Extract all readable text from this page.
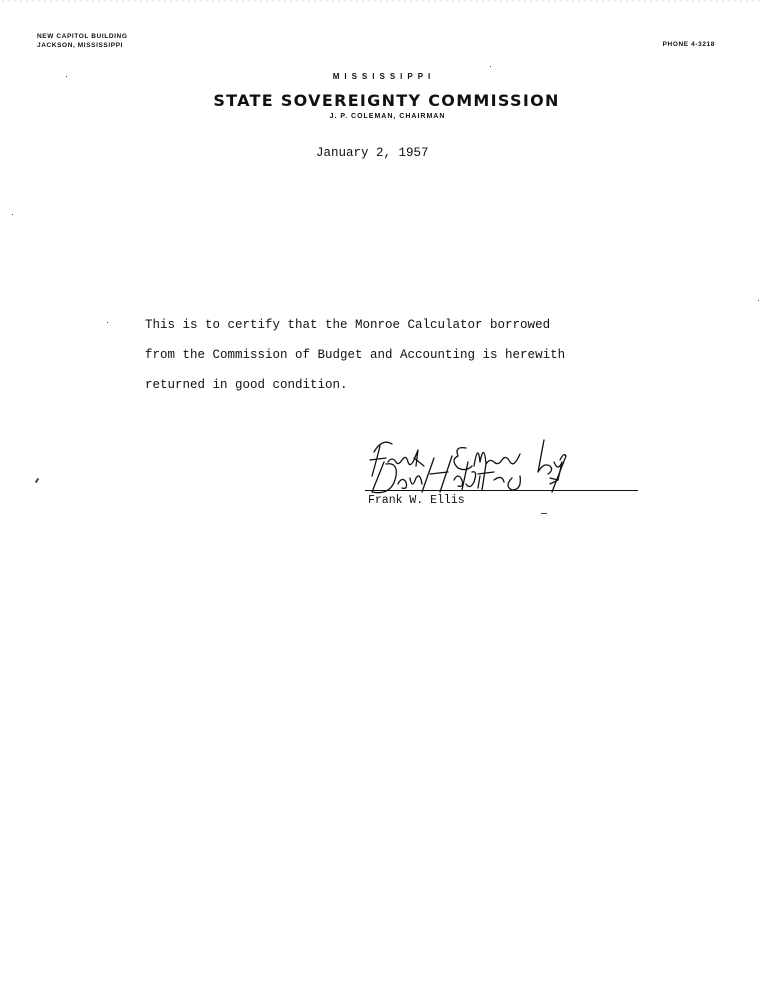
NEW CAPITOL BUILDING
JACKSON, MISSISSIPPI	PHONE 4-3218
MISSISSIPPI
STATE SOVEREIGNTY COMMISSION
J. P. COLEMAN, CHAIRMAN
January 2, 1957
This is to certify that the Monroe Calculator borrowed
from the Commission of Budget and Accounting is herewith
returned in good condition.
Frank W. Ellis
